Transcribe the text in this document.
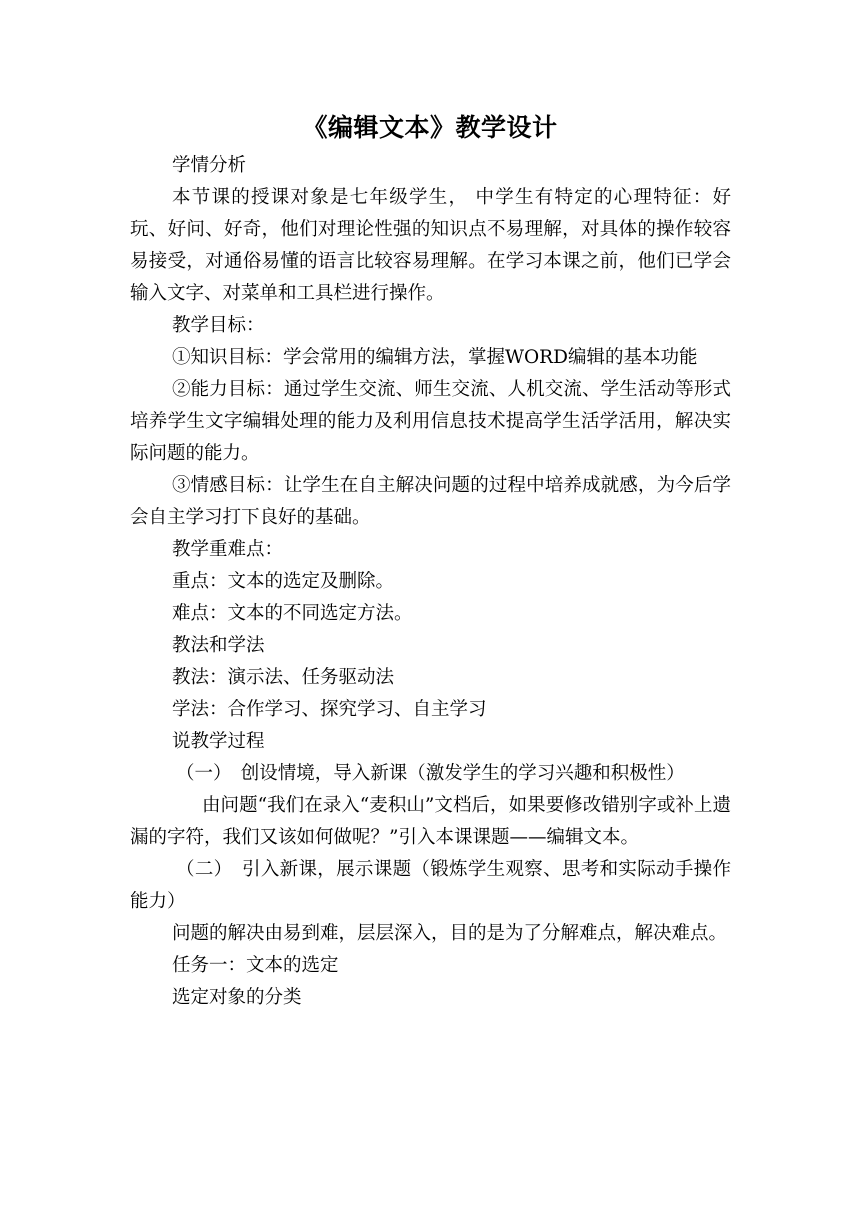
《编辑文本》教学设计

学情分析

本节课的授课对象是七年级学生， 中学生有特定的心理特征：好玩、好问、好奇，他们对理论性强的知识点不易理解，对具体的操作较容易接受，对通俗易懂的语言比较容易理解。在学习本课之前，他们已学会输入文字、对菜单和工具栏进行操作。

教学目标：

①知识目标：学会常用的编辑方法，掌握WORD编辑的基本功能

②能力目标：通过学生交流、师生交流、人机交流、学生活动等形式培养学生文字编辑处理的能力及利用信息技术提高学生活学活用，解决实际问题的能力。

③情感目标：让学生在自主解决问题的过程中培养成就感，为今后学会自主学习打下良好的基础。

教学重难点：

重点：文本的选定及删除。

难点：文本的不同选定方法。

教法和学法

教法：演示法、任务驱动法

学法：合作学习、探究学习、自主学习

说教学过程

（一）　创设情境，导入新课（激发学生的学习兴趣和积极性）

由问题“我们在录入“麦积山”文档后，如果要修改错别字或补上遗漏的字符，我们又该如何做呢？”引入本课课题——编辑文本。

（二）　引入新课，展示课题（锻炼学生观察、思考和实际动手操作能力）

问题的解决由易到难，层层深入，目的是为了分解难点，解决难点。

任务一：文本的选定

选定对象的分类
